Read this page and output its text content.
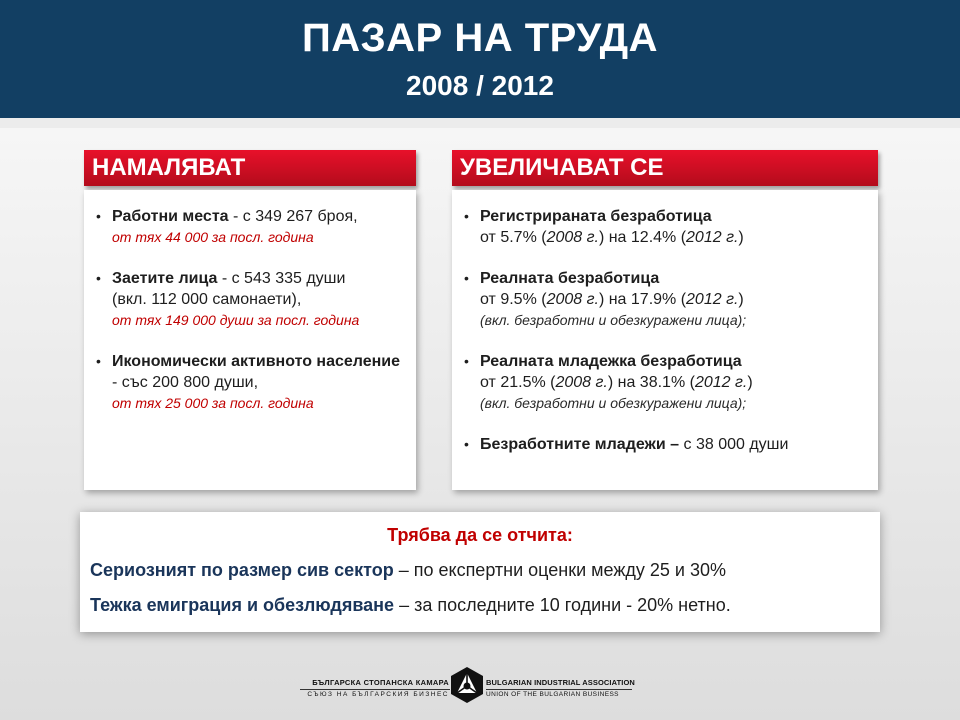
ПАЗАР НА ТРУДА
2008 / 2012
НАМАЛЯВАТ
• Работни места - с 349 267 броя,
от тях 44 000 за посл. година
• Заетите лица - с 543 335 души
(вкл. 112 000 самонаети),
от тях 149 000 души за посл. година
• Икономически активното население - със 200 800 души,
от тях 25 000 за посл. година
УВЕЛИЧАВАТ СЕ
• Регистрираната безработица
от 5.7% (2008 г.) на 12.4% (2012 г.)
• Реалната безработица
от 9.5% (2008 г.) на 17.9% (2012 г.)
(вкл. безработни и обезкуражени лица);
• Реалната младежка безработица
от 21.5% (2008 г.) на 38.1% (2012 г.)
(вкл. безработни и обезкуражени лица);
• Безработните младежи – с 38 000 души
Трябва да се отчита:
Сериозният по размер сив сектор – по експертни оценки между 25 и 30%
Тежка емиграция и обезлюдяване – за последните 10 години - 20% нетно.
БЪЛГАРСКА СТОПАНСКА КАМАРА
СЪЮЗ НА БЪЛГАРСКИЯ БИЗНЕС
BULGARIAN INDUSTRIAL ASSOCIATION
UNION OF THE BULGARIAN BUSINESS
